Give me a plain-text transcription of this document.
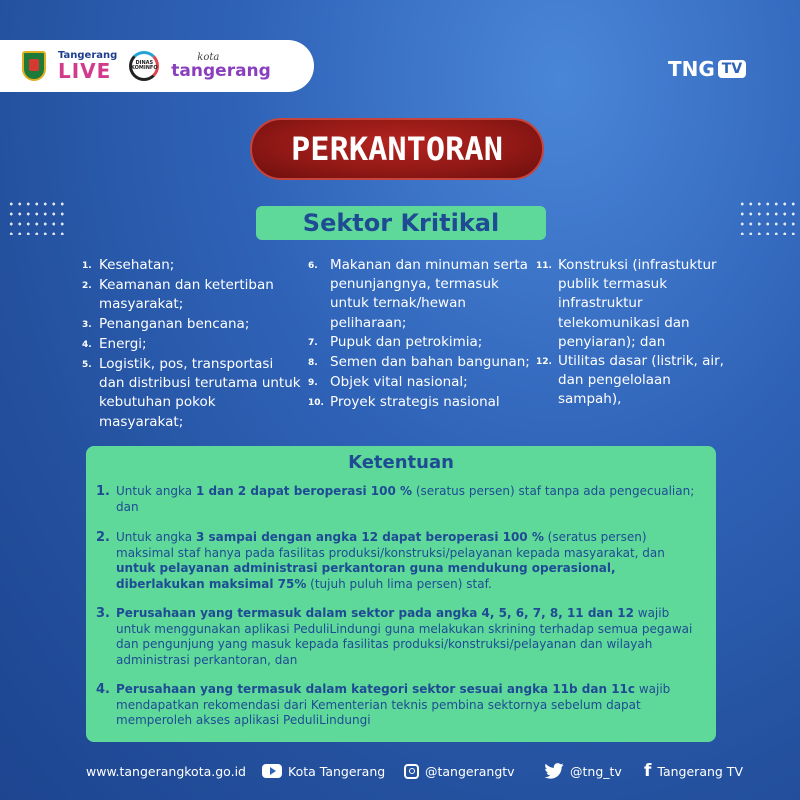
Tangerang
LIVE	DINAS KOMINFO
kota
tangerang	TNG TV
PERKANTORAN
Sektor Kritikal
1. Kesehatan;
2. Keamanan dan ketertiban masyarakat;
3. Penanganan bencana;
4. Energi;
5. Logistik, pos, transportasi dan distribusi terutama untuk kebutuhan pokok masyarakat;
6. Makanan dan minuman serta penunjangnya, termasuk untuk ternak/hewan peliharaan;
7. Pupuk dan petrokimia;
8. Semen dan bahan bangunan;
9. Objek vital nasional;
10. Proyek strategis nasional
11. Konstruksi (infrastuktur publik termasuk infrastruktur telekomunikasi dan penyiaran); dan
12. Utilitas dasar (listrik, air, dan pengelolaan sampah),
Ketentuan
1. Untuk angka 1 dan 2 dapat beroperasi 100 % (seratus persen) staf tanpa ada pengecualian; dan
2. Untuk angka 3 sampai dengan angka 12 dapat beroperasi 100 % (seratus persen) maksimal staf hanya pada fasilitas produksi/konstruksi/pelayanan kepada masyarakat, dan untuk pelayanan administrasi perkantoran guna mendukung operasional, diberlakukan maksimal 75% (tujuh puluh lima persen) staf.
3. Perusahaan yang termasuk dalam sektor pada angka 4, 5, 6, 7, 8, 11 dan 12 wajib untuk menggunakan aplikasi PeduliLindungi guna melakukan skrining terhadap semua pegawai dan pengunjung yang masuk kepada fasilitas produksi/konstruksi/pelayanan dan wilayah administrasi perkantoran, dan
4. Perusahaan yang termasuk dalam kategori sektor sesuai angka 11b dan 11c wajib mendapatkan rekomendasi dari Kementerian teknis pembina sektornya sebelum dapat memperoleh akses aplikasi PeduliLindungi
www.tangerangkota.go.id	Kota Tangerang	@tangerangtv	@tng_tv f Tangerang TV
